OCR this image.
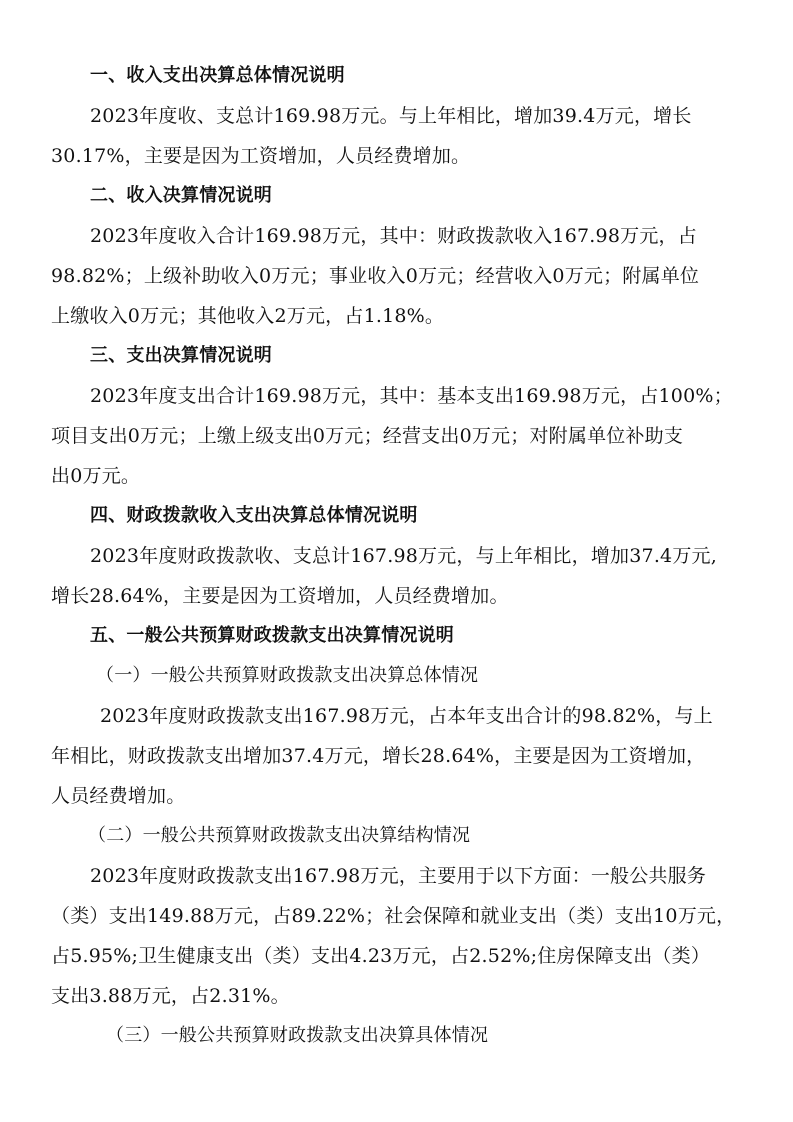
一、收入支出决算总体情况说明
2023年度收、支总计169.98万元。与上年相比，增加39.4万元，增长
30.17%，主要是因为工资增加，人员经费增加。
二、收入决算情况说明
2023年度收入合计169.98万元，其中：财政拨款收入167.98万元，占
98.82%；上级补助收入0万元；事业收入0万元；经营收入0万元；附属单位
上缴收入0万元；其他收入2万元，占1.18%。
三、支出决算情况说明
2023年度支出合计169.98万元，其中：基本支出169.98万元，占100%；
项目支出0万元；上缴上级支出0万元；经营支出0万元；对附属单位补助支
出0万元。
四、财政拨款收入支出决算总体情况说明
2023年度财政拨款收、支总计167.98万元，与上年相比，增加37.4万元,
增长28.64%，主要是因为工资增加，人员经费增加。
五、一般公共预算财政拨款支出决算情况说明
（一）一般公共预算财政拨款支出决算总体情况
2023年度财政拨款支出167.98万元，占本年支出合计的98.82%，与上
年相比，财政拨款支出增加37.4万元，增长28.64%，主要是因为工资增加，
人员经费增加。
（二）一般公共预算财政拨款支出决算结构情况
2023年度财政拨款支出167.98万元，主要用于以下方面：一般公共服务
（类）支出149.88万元，占89.22%；社会保障和就业支出（类）支出10万元，
占5.95%;卫生健康支出（类）支出4.23万元，占2.52%;住房保障支出（类）
支出3.88万元，占2.31%。
（三）一般公共预算财政拨款支出决算具体情况
